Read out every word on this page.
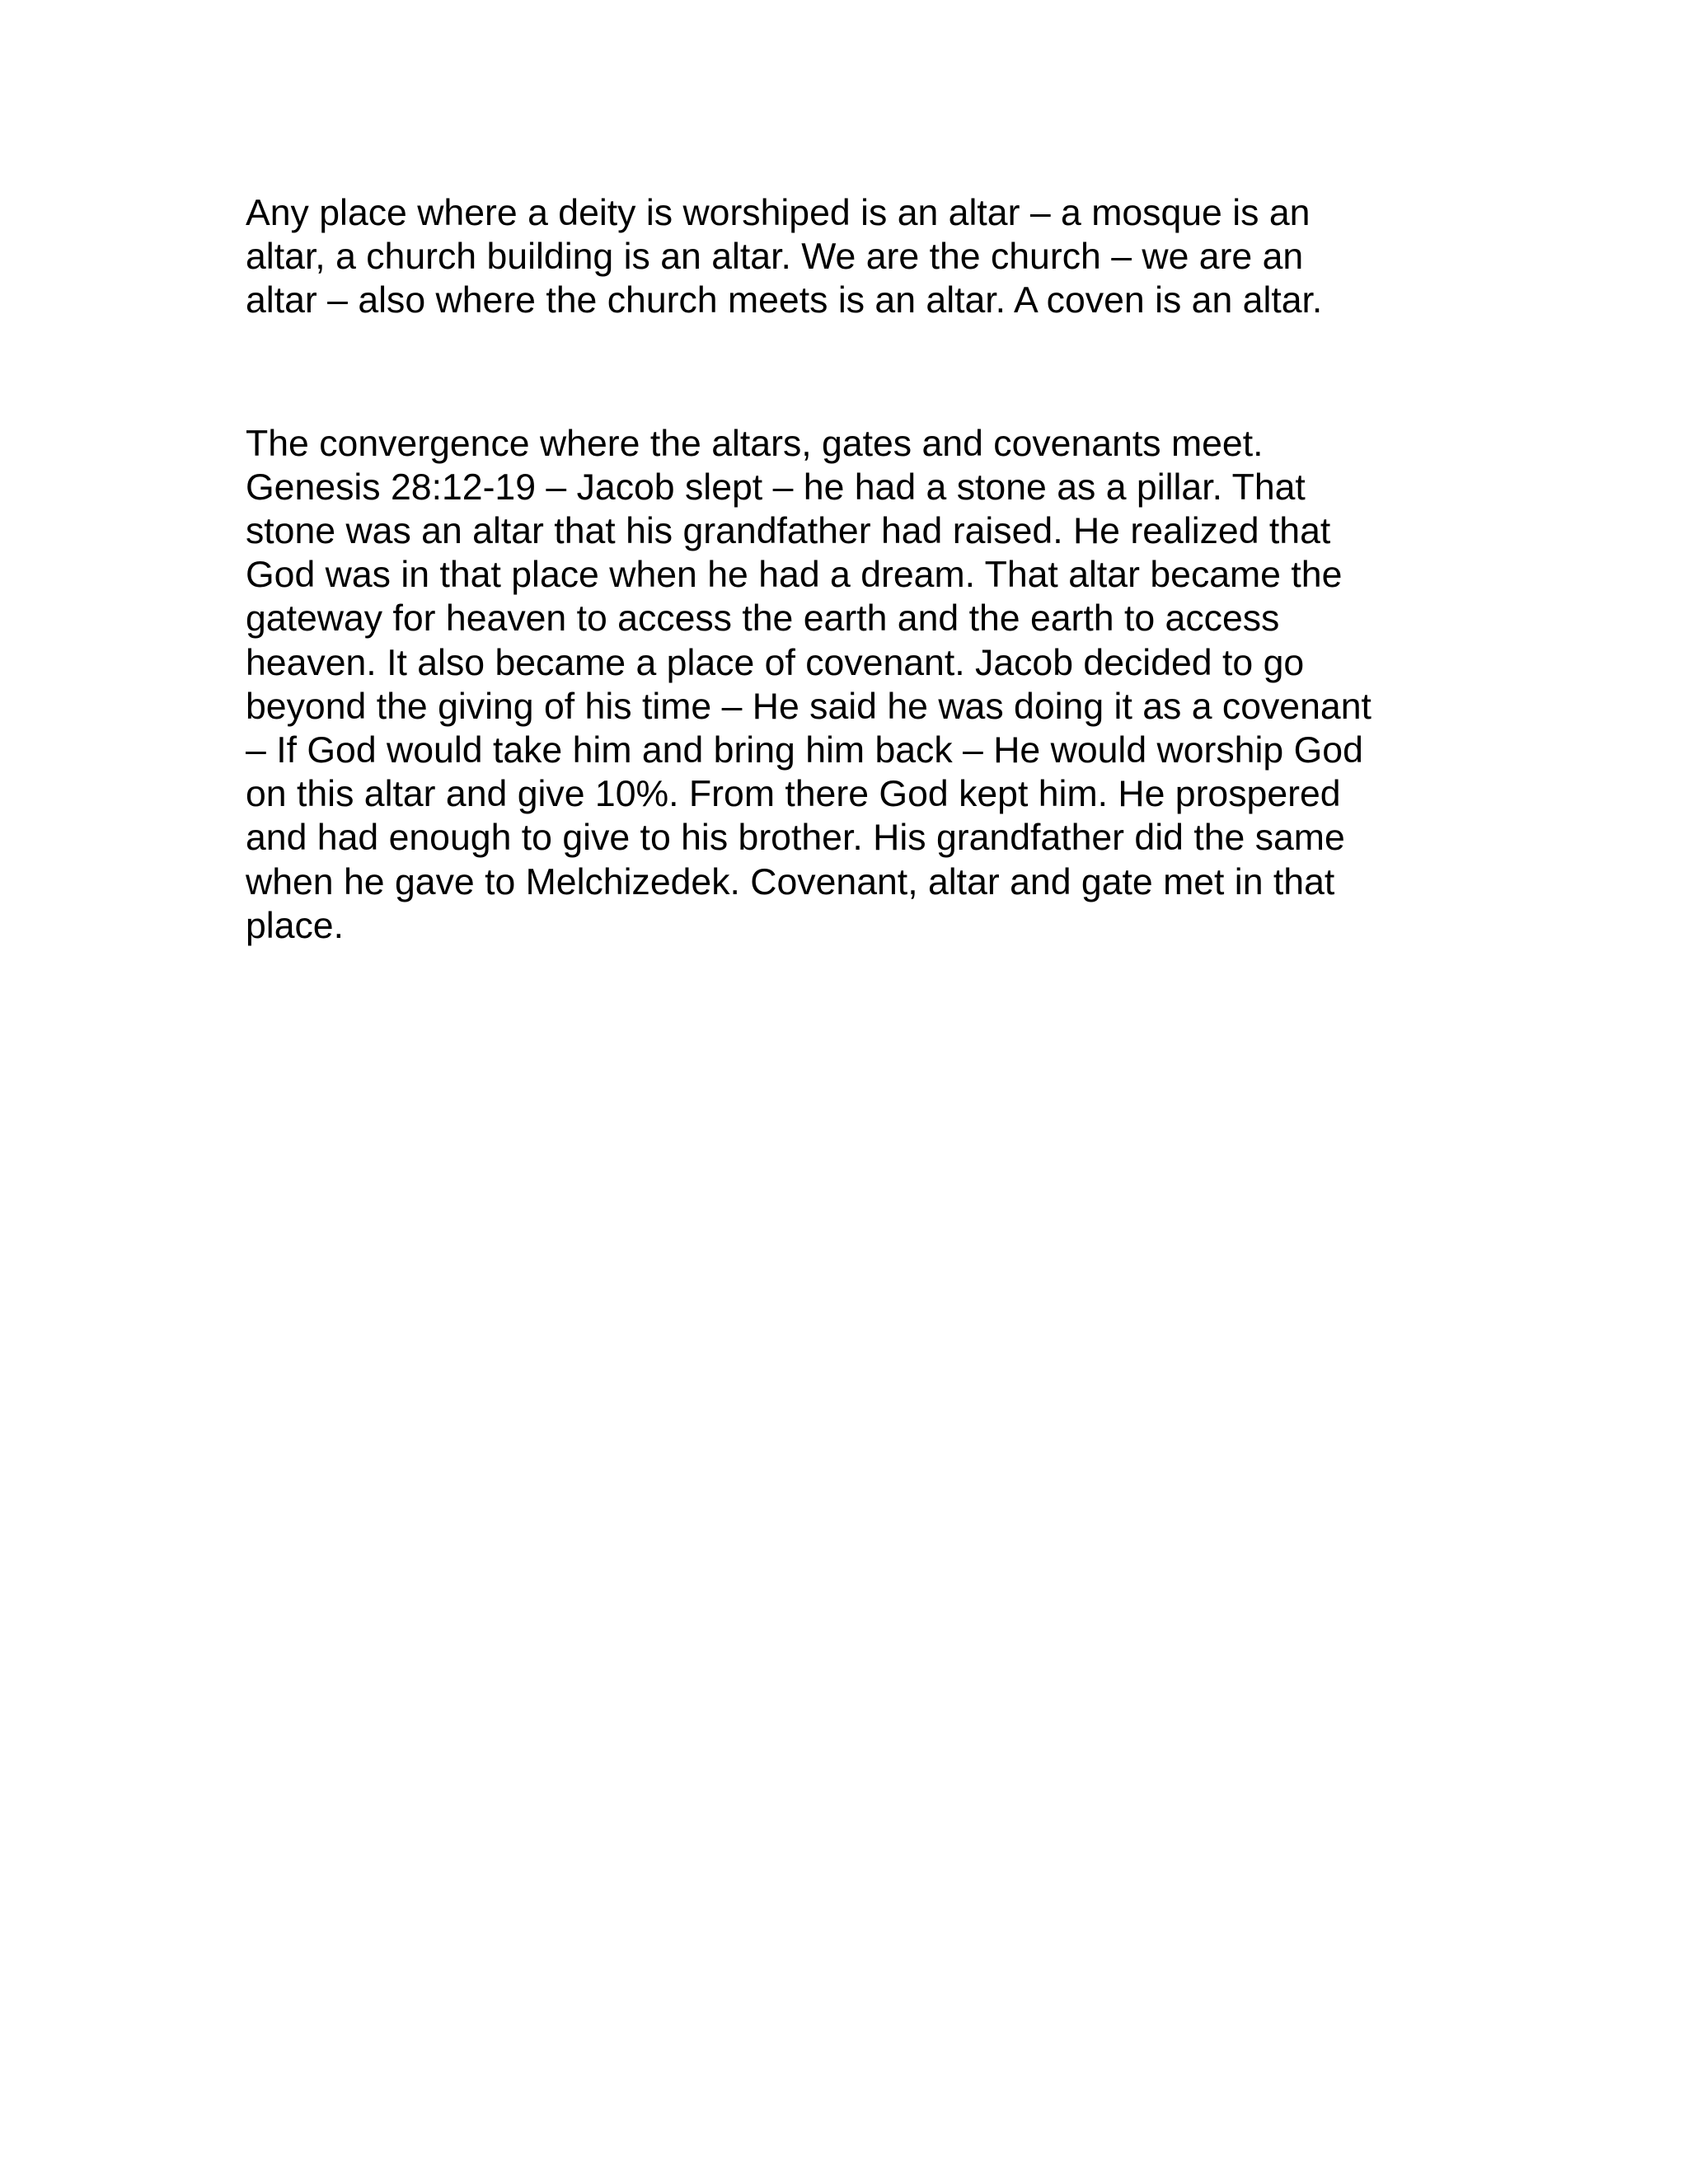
Any place where a deity is worshiped is an altar – a mosque is an
altar, a church building is an altar. We are the church – we are an
altar – also where the church meets is an altar. A coven is an altar.

The convergence where the altars, gates and covenants meet.
Genesis 28:12-19 – Jacob slept – he had a stone as a pillar. That
stone was an altar that his grandfather had raised. He realized that
God was in that place when he had a dream. That altar became the
gateway for heaven to access the earth and the earth to access
heaven. It also became a place of covenant. Jacob decided to go
beyond the giving of his time – He said he was doing it as a covenant
– If God would take him and bring him back – He would worship God
on this altar and give 10%. From there God kept him. He prospered
and had enough to give to his brother. His grandfather did the same
when he gave to Melchizedek. Covenant, altar and gate met in that
place.
